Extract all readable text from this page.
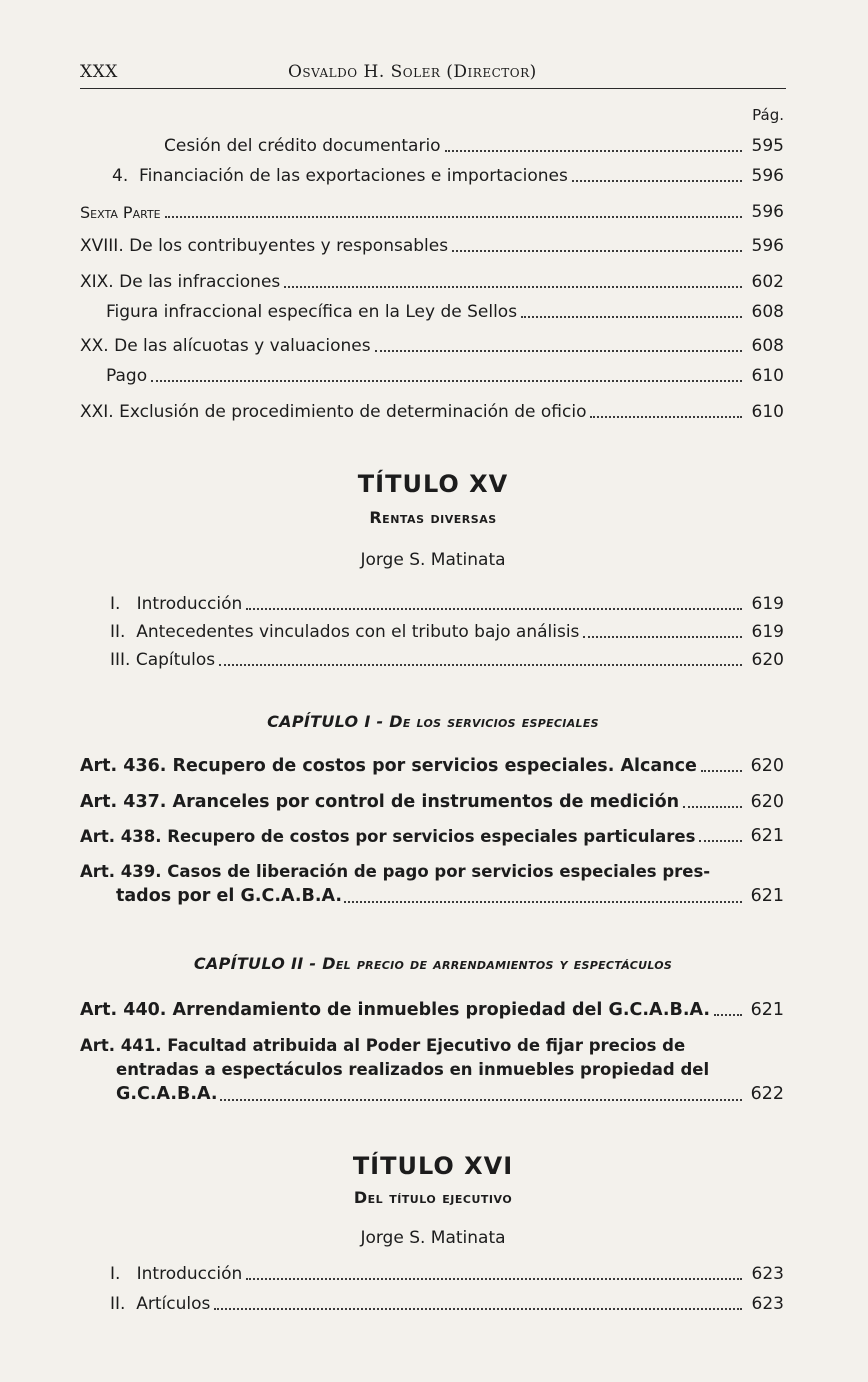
XXX	Osvaldo H. Soler (Director)
Pág.
Cesión del crédito documentario	595
4.  Financiación de las exportaciones e importaciones	596
Sexta Parte	596
XVIII. De los contribuyentes y responsables	596
XIX. De las infracciones	602
Figura infraccional específica en la Ley de Sellos	608
XX. De las alícuotas y valuaciones	608
Pago	610
XXI. Exclusión de procedimiento de determinación de oficio	610
TÍTULO XV
Rentas diversas
Jorge S. Matinata
I.   Introducción	619
II.  Antecedentes vinculados con el tributo bajo análisis	619
III. Capítulos	620
CAPÍTULO I - De los servicios especiales
Art. 436. Recupero de costos por servicios especiales. Alcance	620
Art. 437. Aranceles por control de instrumentos de medición	620
Art. 438. Recupero de costos por servicios especiales particulares	621
Art. 439. Casos de liberación de pago por servicios especiales pres-
tados por el G.C.A.B.A.	621
CAPÍTULO II - Del precio de arrendamientos y espectáculos
Art. 440. Arrendamiento de inmuebles propiedad del G.C.A.B.A. 621
Art. 441. Facultad atribuida al Poder Ejecutivo de fijar precios de
entradas a espectáculos realizados en inmuebles propiedad del
G.C.A.B.A.	622
TÍTULO XVI
Del título ejecutivo
Jorge S. Matinata
I.   Introducción	623
II.  Artículos	623
